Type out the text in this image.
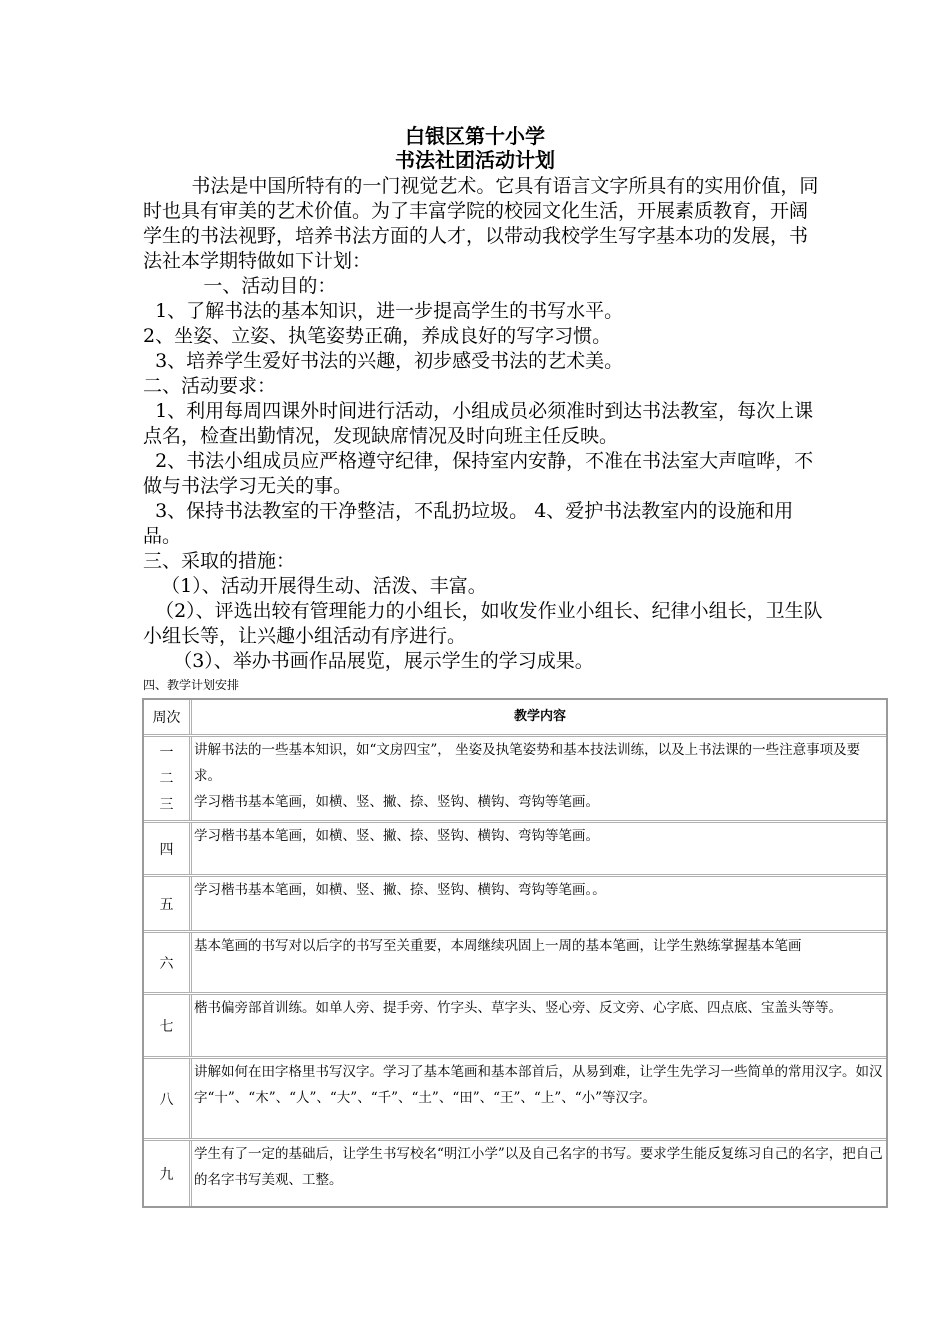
白银区第十小学
书法社团活动计划

书法是中国所特有的一门视觉艺术。它具有语言文字所具有的实用价值，同时也具有审美的艺术价值。为了丰富学院的校园文化生活，开展素质教育，开阔学生的书法视野，培养书法方面的人才，以带动我校学生写字基本功的发展，书法社本学期特做如下计划：

一、活动目的：

1、了解书法的基本知识，进一步提高学生的书写水平。

2、坐姿、立姿、执笔姿势正确，养成良好的写字习惯。

3、培养学生爱好书法的兴趣，初步感受书法的艺术美。

二、活动要求：

1、利用每周四课外时间进行活动，小组成员必须准时到达书法教室，每次上课点名，检查出勤情况，发现缺席情况及时向班主任反映。

2、书法小组成员应严格遵守纪律，保持室内安静，不准在书法室大声喧哗，不做与书法学习无关的事。

3、保持书法教室的干净整洁，不乱扔垃圾。 4、爱护书法教室内的设施和用品。

三、采取的措施：

（1）、活动开展得生动、活泼、丰富。

（2）、评选出较有管理能力的小组长，如收发作业小组长、纪律小组长，卫生队小组长等，让兴趣小组活动有序进行。

（3）、举办书画作品展览，展示学生的学习成果。

四、教学计划安排
周次	教学内容
一
二
三
讲解书法的一些基本知识，如“文房四宝”， 坐姿及执笔姿势和基本技法训练，以及上书法课的一些注意事项及要求。
学习楷书基本笔画，如横、竖、撇、捺、竖钩、横钩、弯钩等笔画。
四
学习楷书基本笔画，如横、竖、撇、捺、竖钩、横钩、弯钩等笔画。
五
学习楷书基本笔画，如横、竖、撇、捺、竖钩、横钩、弯钩等笔画。。
六
基本笔画的书写对以后字的书写至关重要，本周继续巩固上一周的基本笔画，让学生熟练掌握基本笔画
七
楷书偏旁部首训练。如单人旁、提手旁、竹字头、草字头、竖心旁、反文旁、心字底、四点底、宝盖头等等。
八
讲解如何在田字格里书写汉字。学习了基本笔画和基本部首后，从易到难，让学生先学习一些简单的常用汉字。如汉字“十”、“木”、“人”、“大”、“千”、“土”、“田”、“王”、“上”、“小”等汉字。
九
学生有了一定的基础后，让学生书写校名“明江小学”以及自己名字的书写。要求学生能反复练习自己的名字，把自己的名字书写美观、工整。
